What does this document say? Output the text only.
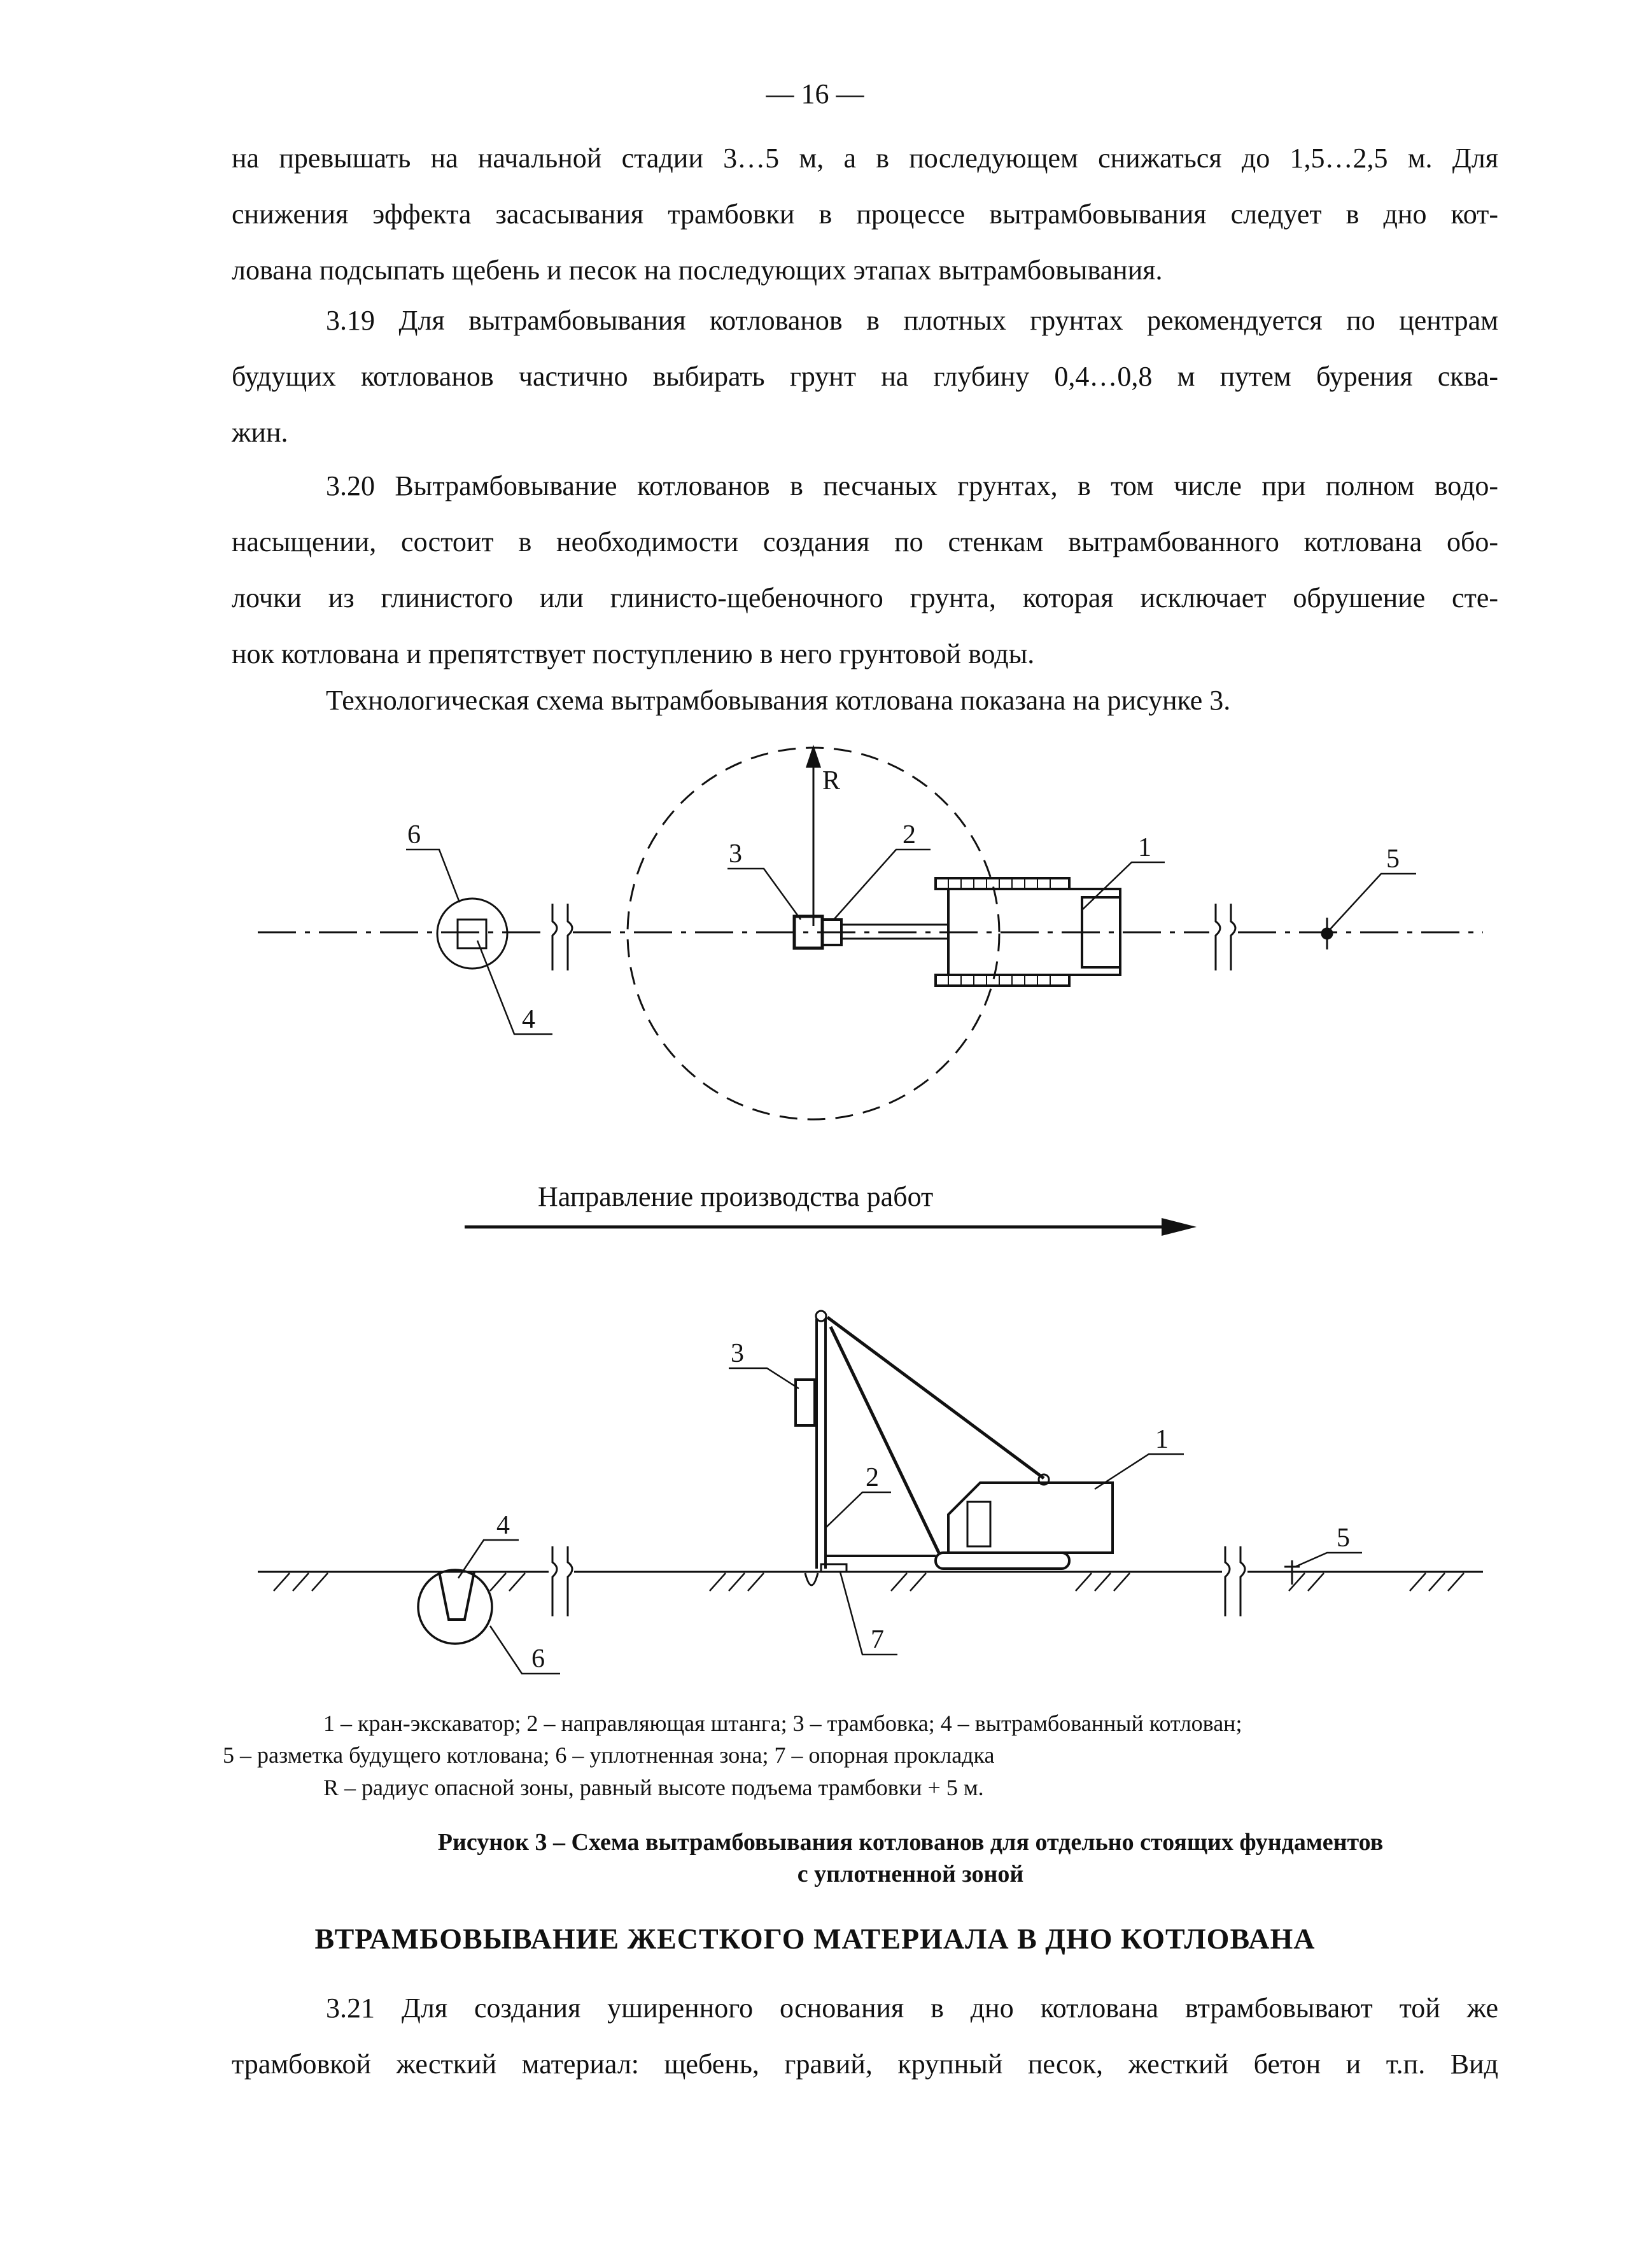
— 16 —

на превышать на начальной стадии 3…5 м, а в последующем снижаться до 1,5…2,5 м. Для
снижения эффекта засасывания трамбовки в процессе вытрамбовывания следует в дно кот-
лована подсыпать щебень и песок на последующих этапах вытрамбовывания.

3.19 Для вытрамбовывания котлованов в плотных грунтах рекомендуется по центрам
будущих котлованов частично выбирать грунт на глубину 0,4…0,8 м путем бурения сква-
жин.

3.20 Вытрамбовывание котлованов в песчаных грунтах, в том числе при полном водо-
насыщении, состоит в необходимости создания по стенкам вытрамбованного котлована обо-
лочки из глинистого или глинисто-щебеночного грунта, которая исключает обрушение сте-
нок котлована и препятствует поступлению в него грунтовой воды.

Технологическая схема вытрамбовывания котлована показана на рисунке 3.

R
6
4
3
2	1	5
Направление производства работ
3
2
1
4
6
5
7
1 – кран-экскаватор; 2 – направляющая штанга; 3 – трамбовка; 4 – вытрамбованный котлован;
5 – разметка будущего котлована; 6 – уплотненная зона; 7 – опорная прокладка
R – радиус опасной зоны, равный высоте подъема трамбовки + 5 м.
Рисунок 3 – Схема вытрамбовывания котлованов для отдельно стоящих фундаментов
с уплотненной зоной
ВТРАМБОВЫВАНИЕ ЖЕСТКОГО МАТЕРИАЛА В ДНО КОТЛОВАНА

3.21 Для создания уширенного основания в дно котлована втрамбовывают той же
трамбовкой жесткий материал: щебень, гравий, крупный песок, жесткий бетон и т.п. Вид
